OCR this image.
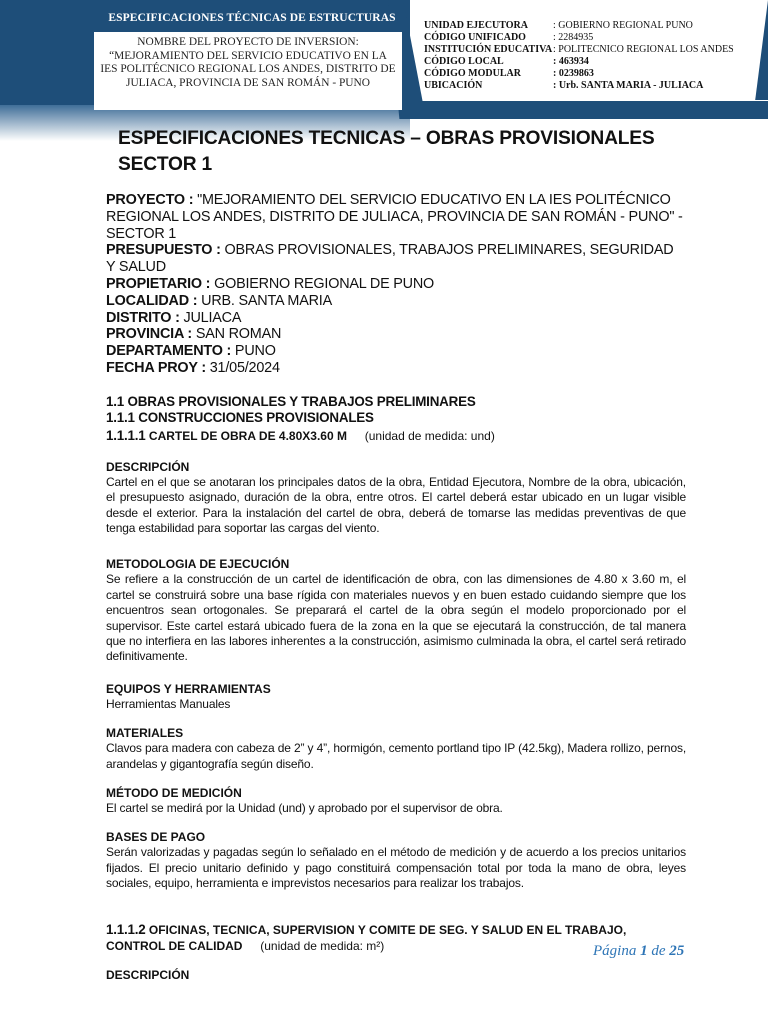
ESPECIFICACIONES TÉCNICAS DE ESTRUCTURAS
NOMBRE DEL PROYECTO DE INVERSION: “MEJORAMIENTO DEL SERVICIO EDUCATIVO EN LA IES POLITÉCNICO REGIONAL LOS ANDES, DISTRITO DE JULIACA, PROVINCIA DE SAN ROMÁN - PUNO
UNIDAD EJECUTORA	: GOBIERNO REGIONAL PUNO
CÓDIGO UNIFICADO	: 2284935
INSTITUCIÓN EDUCATIVA : POLITECNICO REGIONAL LOS ANDES
CÓDIGO LOCAL	: 463934
CÓDIGO MODULAR	: 0239863
UBICACIÓN	: Urb. SANTA MARIA - JULIACA
ESPECIFICACIONES TECNICAS – OBRAS PROVISIONALES SECTOR 1
PROYECTO : "MEJORAMIENTO DEL SERVICIO EDUCATIVO EN LA IES POLITÉCNICO REGIONAL LOS ANDES, DISTRITO DE JULIACA, PROVINCIA DE SAN ROMÁN - PUNO" - SECTOR 1
PRESUPUESTO : OBRAS PROVISIONALES, TRABAJOS PRELIMINARES, SEGURIDAD Y SALUD
PROPIETARIO : GOBIERNO REGIONAL DE PUNO
LOCALIDAD : URB. SANTA MARIA
DISTRITO : JULIACA
PROVINCIA : SAN ROMAN
DEPARTAMENTO : PUNO
FECHA PROY : 31/05/2024
1.1 OBRAS PROVISIONALES Y TRABAJOS PRELIMINARES
1.1.1 CONSTRUCCIONES PROVISIONALES
1.1.1.1 CARTEL DE OBRA DE 4.80X3.60 M (unidad de medida: und)
DESCRIPCIÓN
Cartel en el que se anotaran los principales datos de la obra, Entidad Ejecutora, Nombre de la obra, ubicación, el presupuesto asignado, duración de la obra, entre otros. El cartel deberá estar ubicado en un lugar visible desde el exterior. Para la instalación del cartel de obra, deberá de tomarse las medidas preventivas de que tenga estabilidad para soportar las cargas del viento.
METODOLOGIA DE EJECUCIÓN
Se refiere a la construcción de un cartel de identificación de obra, con las dimensiones de 4.80 x 3.60 m, el cartel se construirá sobre una base rígida con materiales nuevos y en buen estado cuidando siempre que los encuentros sean ortogonales. Se preparará el cartel de la obra según el modelo proporcionado por el supervisor. Este cartel estará ubicado fuera de la zona en la que se ejecutará la construcción, de tal manera que no interfiera en las labores inherentes a la construcción, asimismo culminada la obra, el cartel será retirado definitivamente.
EQUIPOS Y HERRAMIENTAS
Herramientas Manuales
MATERIALES
Clavos para madera con cabeza de 2” y 4”, hormigón, cemento portland tipo IP (42.5kg), Madera rollizo, pernos, arandelas y gigantografía según diseño.
MÉTODO DE MEDICIÓN
El cartel se medirá por la Unidad (und) y aprobado por el supervisor de obra.
BASES DE PAGO
Serán valorizadas y pagadas según lo señalado en el método de medición y de acuerdo a los precios unitarios fijados. El precio unitario definido y pago constituirá compensación total por toda la mano de obra, leyes sociales, equipo, herramienta e imprevistos necesarios para realizar los trabajos.
1.1.1.2 OFICINAS, TECNICA, SUPERVISION Y COMITE DE SEG. Y SALUD EN EL TRABAJO, CONTROL DE CALIDAD (unidad de medida: m²)
DESCRIPCIÓN
Página 1 de 25
